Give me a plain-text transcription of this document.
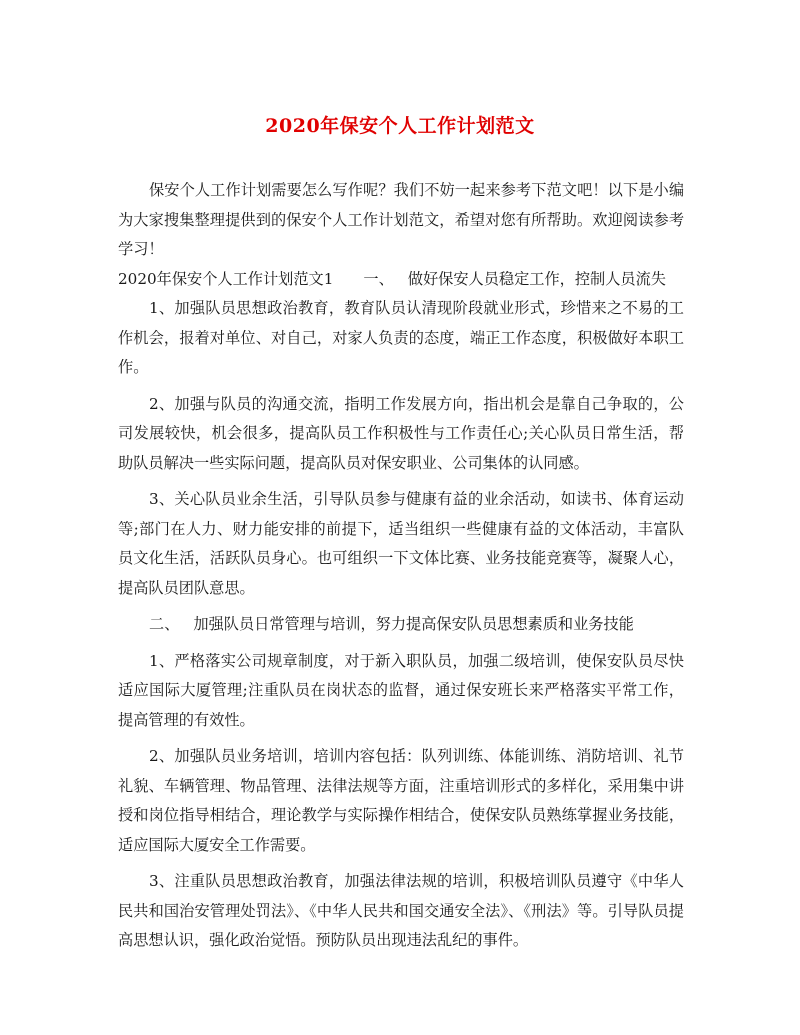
2020年保安个人工作计划范文

保安个人工作计划需要怎么写作呢？我们不妨一起来参考下范文吧！以下是小编为大家搜集整理提供到的保安个人工作计划范文，希望对您有所帮助。欢迎阅读参考学习！

2020年保安个人工作计划范文1 一、 做好保安人员稳定工作，控制人员流失

1、加强队员思想政治教育，教育队员认清现阶段就业形式，珍惜来之不易的工作机会，报着对单位、对自己，对家人负责的态度，端正工作态度，积极做好本职工作。

2、加强与队员的沟通交流，指明工作发展方向，指出机会是靠自己争取的，公司发展较快，机会很多，提高队员工作积极性与工作责任心;关心队员日常生活，帮助队员解决一些实际问题，提高队员对保安职业、公司集体的认同感。

3、关心队员业余生活，引导队员参与健康有益的业余活动，如读书、体育运动等;部门在人力、财力能安排的前提下，适当组织一些健康有益的文体活动，丰富队员文化生活，活跃队员身心。也可组织一下文体比赛、业务技能竞赛等，凝聚人心，提高队员团队意思。

二、 加强队员日常管理与培训，努力提高保安队员思想素质和业务技能

1、严格落实公司规章制度，对于新入职队员，加强二级培训，使保安队员尽快适应国际大厦管理;注重队员在岗状态的监督，通过保安班长来严格落实平常工作，提高管理的有效性。

2、加强队员业务培训，培训内容包括：队列训练、体能训练、消防培训、礼节礼貌、车辆管理、物品管理、法律法规等方面，注重培训形式的多样化，采用集中讲授和岗位指导相结合，理论教学与实际操作相结合，使保安队员熟练掌握业务技能，适应国际大厦安全工作需要。

3、注重队员思想政治教育，加强法律法规的培训，积极培训队员遵守《中华人民共和国治安管理处罚法》、《中华人民共和国交通安全法》、《刑法》等。引导队员提高思想认识，强化政治觉悟。预防队员出现违法乱纪的事件。
